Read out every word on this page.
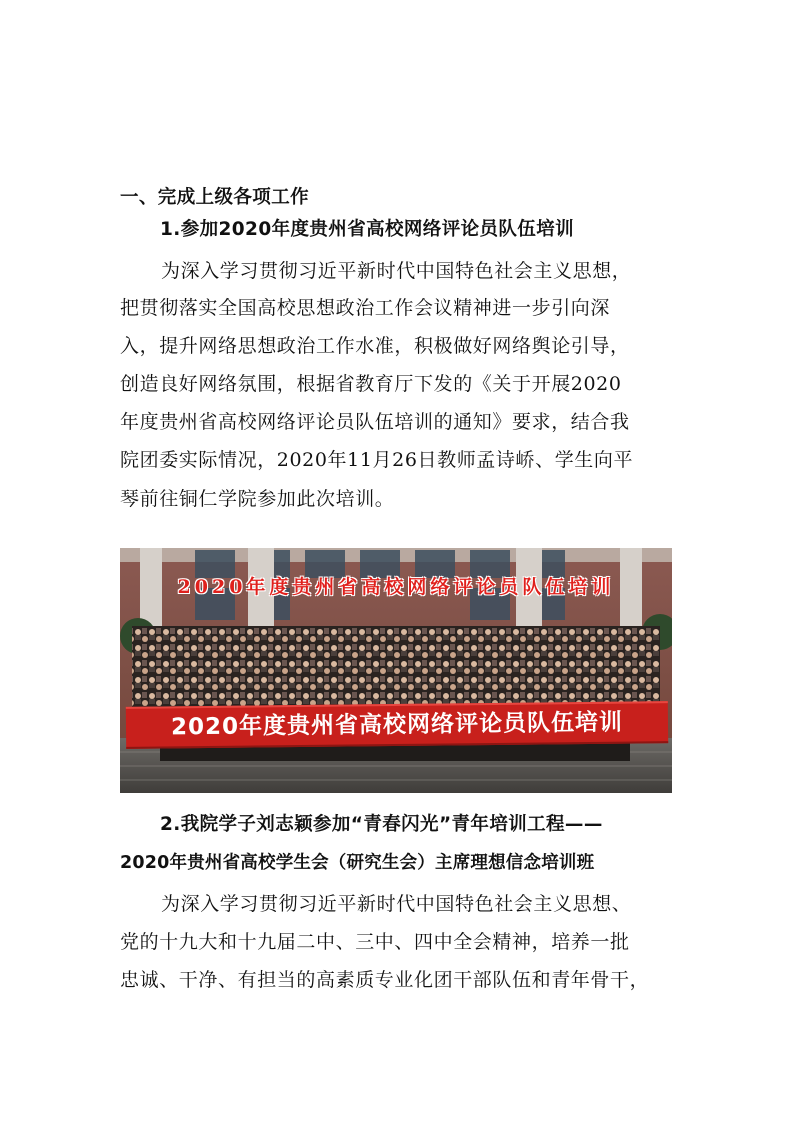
一、完成上级各项工作
1.参加2020年度贵州省高校网络评论员队伍培训
为深入学习贯彻习近平新时代中国特色社会主义思想，
把贯彻落实全国高校思想政治工作会议精神进一步引向深
入，提升网络思想政治工作水准，积极做好网络舆论引导，
创造良好网络氛围，根据省教育厅下发的《关于开展2020
年度贵州省高校网络评论员队伍培训的通知》要求，结合我
院团委实际情况，2020年11月26日教师孟诗峤、学生向平
琴前往铜仁学院参加此次培训。
2020年度贵州省高校网络评论员队伍培训
2020年度贵州省高校网络评论员队伍培训
2.我院学子刘志颖参加“青春闪光”青年培训工程——
2020年贵州省高校学生会（研究生会）主席理想信念培训班
为深入学习贯彻习近平新时代中国特色社会主义思想、
党的十九大和十九届二中、三中、四中全会精神，培养一批
忠诚、干净、有担当的高素质专业化团干部队伍和青年骨干，
